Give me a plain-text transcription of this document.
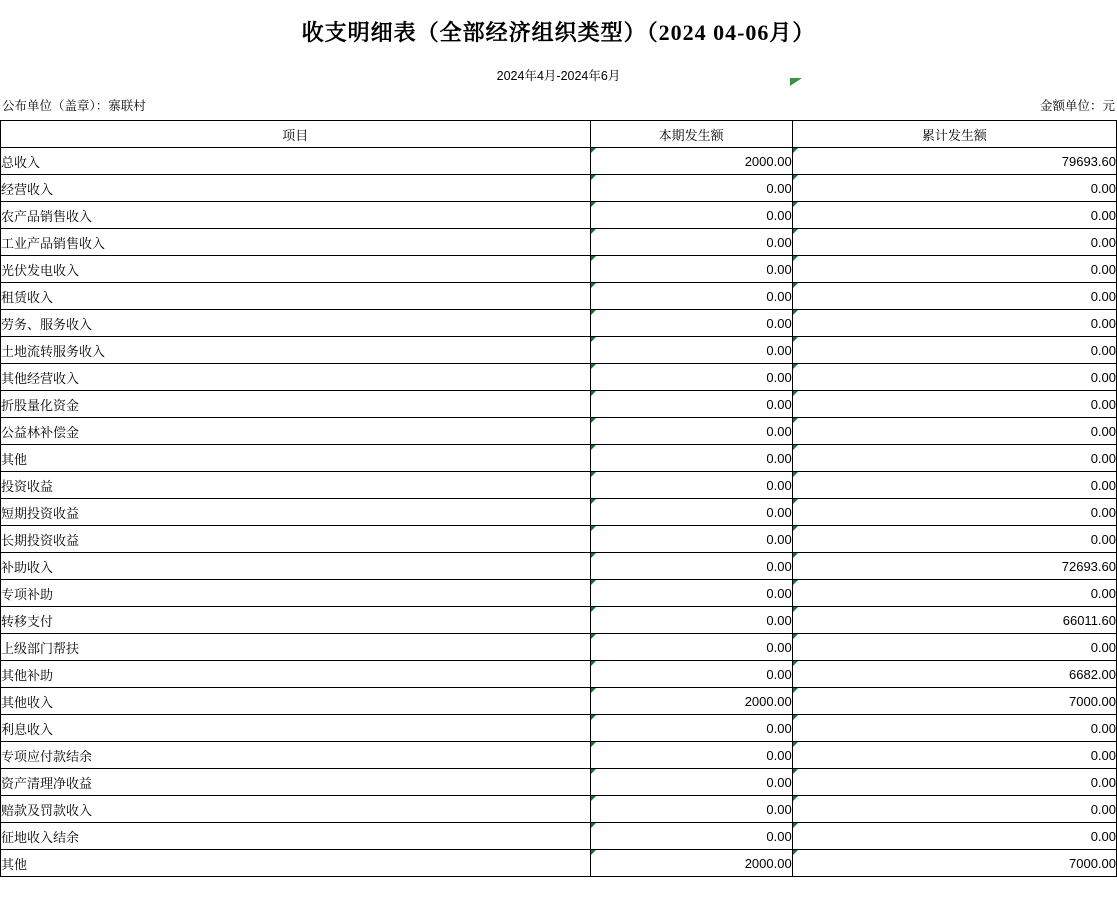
收支明细表（全部经济组织类型）（2024 04-06月）
2024年4月-2024年6月
公布单位（盖章）：寨联村	金额单位：元
项目	本期发生额	累计发生额
总收入	2000.00	79693.60
经营收入	0.00	0.00
农产品销售收入	0.00	0.00
工业产品销售收入	0.00	0.00
光伏发电收入	0.00	0.00
租赁收入	0.00	0.00
劳务、服务收入	0.00	0.00
土地流转服务收入	0.00	0.00
其他经营收入	0.00	0.00
折股量化资金	0.00	0.00
公益林补偿金	0.00	0.00
其他	0.00	0.00
投资收益	0.00	0.00
短期投资收益	0.00	0.00
长期投资收益	0.00	0.00
补助收入	0.00	72693.60
专项补助	0.00	0.00
转移支付	0.00	66011.60
上级部门帮扶	0.00	0.00
其他补助	0.00	6682.00
其他收入	2000.00	7000.00
利息收入	0.00	0.00
专项应付款结余	0.00	0.00
资产清理净收益	0.00	0.00
赔款及罚款收入	0.00	0.00
征地收入结余	0.00	0.00
其他	2000.00	7000.00
